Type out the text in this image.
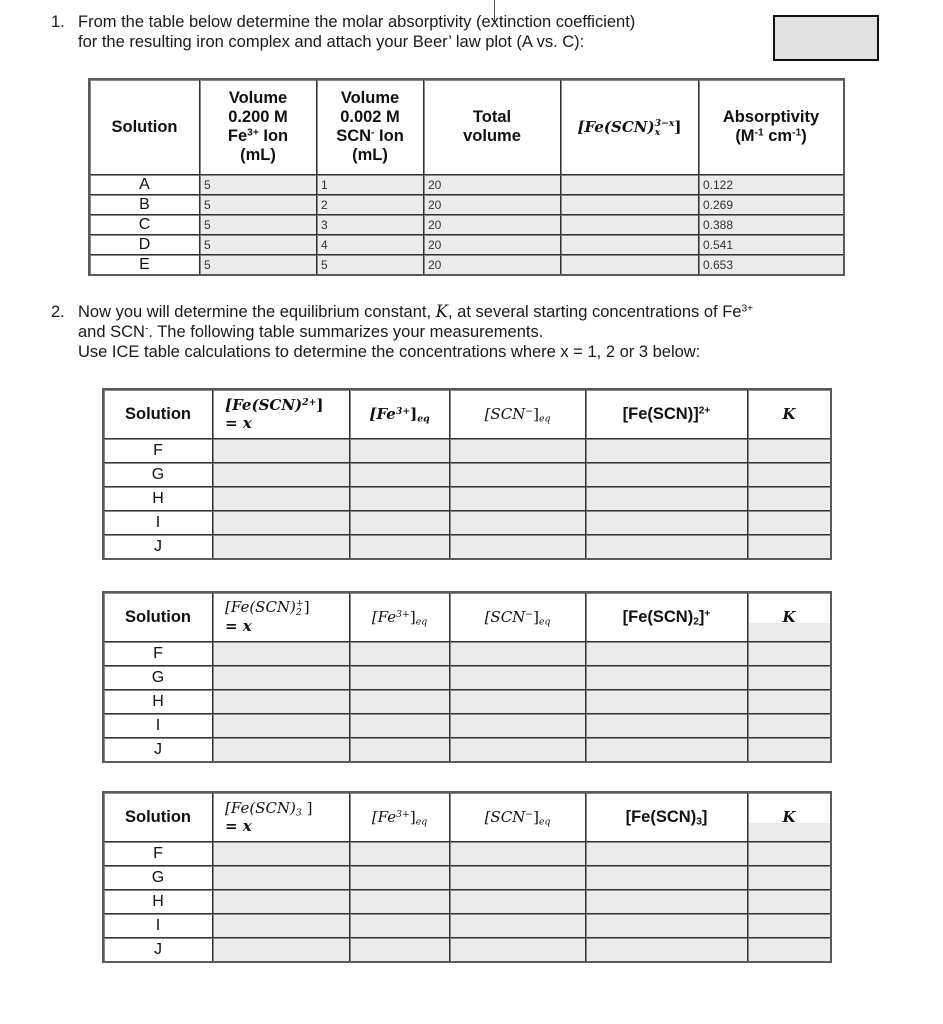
1. From the table below determine the molar absorptivity (extinction coefficient)
for the resulting iron complex and attach your Beer’ law plot (A vs. C):
Solution	Volume
0.200 M
$Fe^{3+}$ Ion
(mL)	Volume
0.002 M
SCN- Ion
(mL)	Total
volume	[Fe(SCN)3−x
x ]	Absorptivity
($M^{-1}$ $cm^{-1}$)
A	5	1	20		0.122
B	5	2	20		0.269
C	5	3	20		0.388
D	5	4	20		0.541
E	5	5	20		0.653
2. Now you will determine the equilibrium constant, K, at several starting concentrations of $Fe^{3+}$
and SCN-. The following table summarizes your measurements.
Use ICE table calculations to determine the concentrations where x = 1, 2 or 3 below:
Solution	[Fe(SCN)$^{2+}$]
= x	$[Fe^{3+}]_{eq}$	$[SCN^-]_{eq}$	$[Fe(SCN)]^{2+}$	K
F					
G					
H					
I					
J					
Solution	[Fe(SCN)+
2 ]
= x	$[Fe^{3+}]_{eq}$	$[SCN^-]_{eq}$	$[Fe(SCN)_2]^+$	K
F					
G					
H					
I					
J					
Solution	[$Fe(SCN)_3$ ]
= x	$[Fe^{3+}]_{eq}$	$[SCN^-]_{eq}$	$[Fe(SCN)_3]$	K
F					
G					
H					
I					
J					
